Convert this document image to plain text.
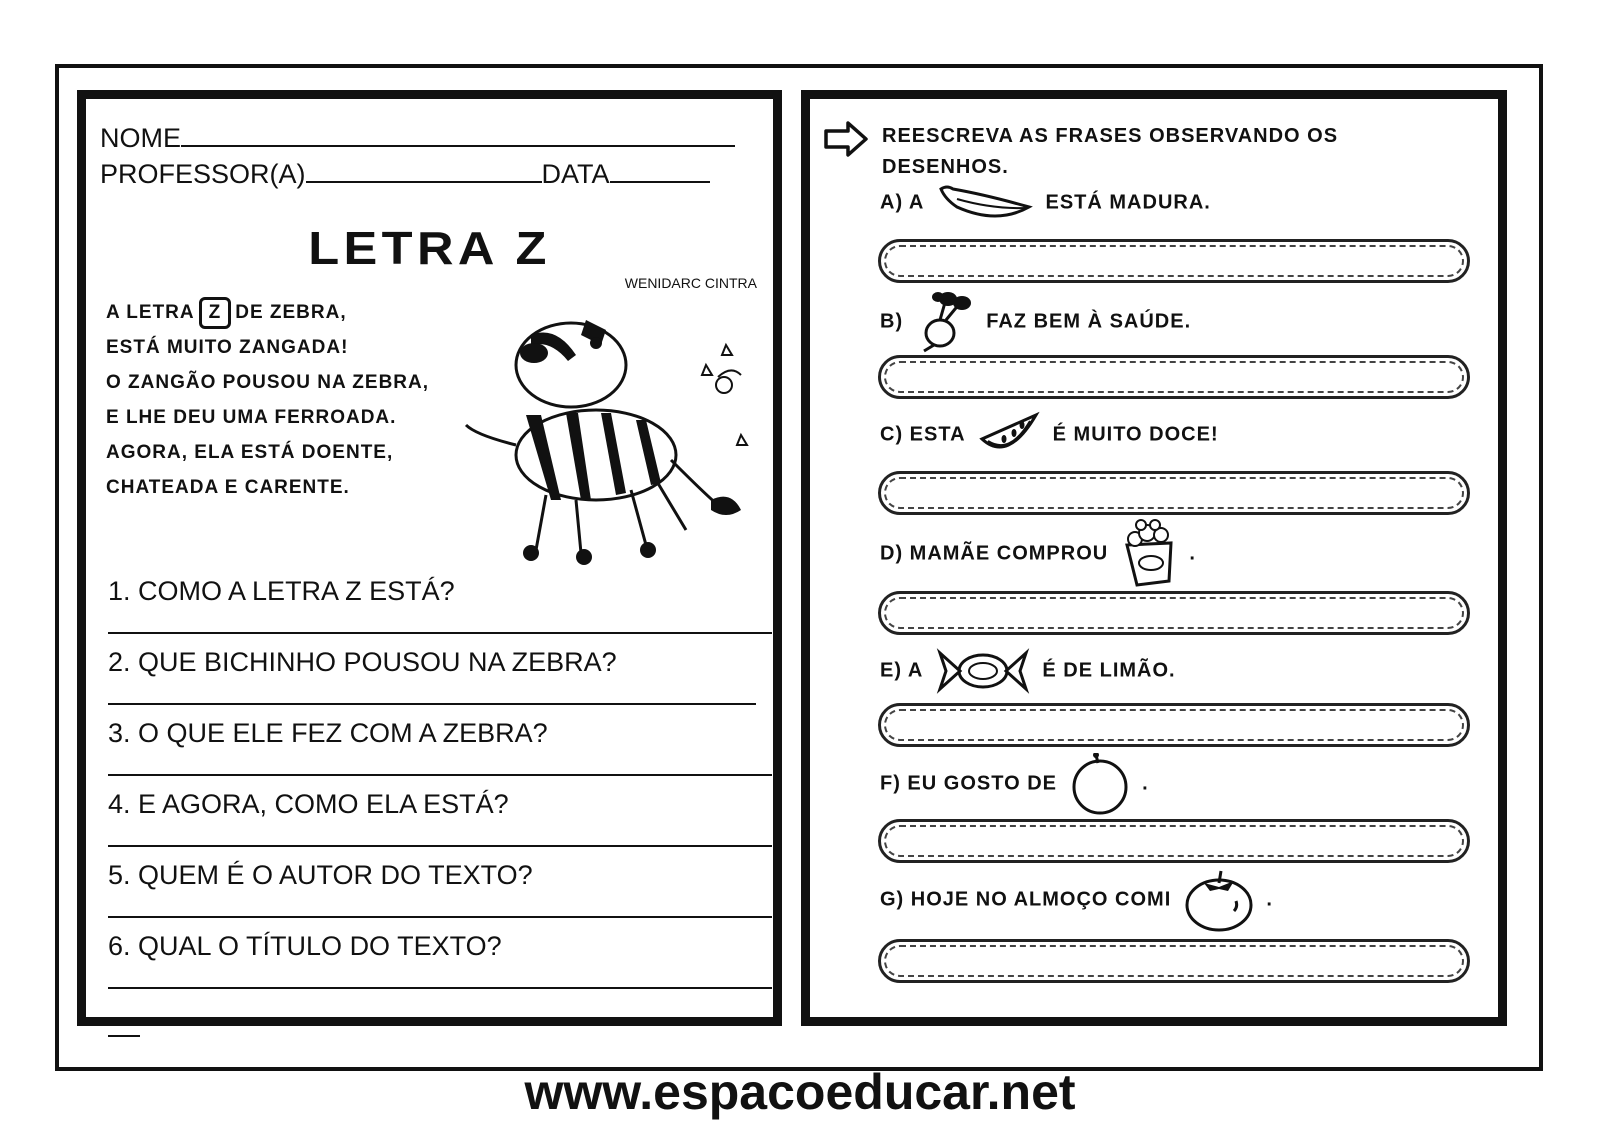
NOME
PROFESSOR(A)	DATA
LETRA Z
WENIDARC CINTRA
A LETRA Z DE ZEBRA,
ESTÁ MUITO ZANGADA!
O ZANGÃO POUSOU NA ZEBRA,
E LHE DEU UMA FERROADA.
AGORA, ELA ESTÁ DOENTE,
CHATEADA E CARENTE.
1. COMO A LETRA Z ESTÁ?
2. QUE BICHINHO POUSOU NA ZEBRA?
3. O QUE ELE FEZ COM A ZEBRA?
4. E AGORA, COMO ELA ESTÁ?
5. QUEM É O AUTOR DO TEXTO?
6. QUAL O TÍTULO DO TEXTO?
REESCREVA AS FRASES OBSERVANDO OS
DESENHOS.
A) A	ESTÁ MADURA.
B)	FAZ BEM À SAÚDE.
C) ESTA	É MUITO DOCE!
D) MAMÃE COMPROU	.
E) A	É DE LIMÃO.
F) EU GOSTO DE	.
G) HOJE NO ALMOÇO COMI	.
www.espacoeducar.net
